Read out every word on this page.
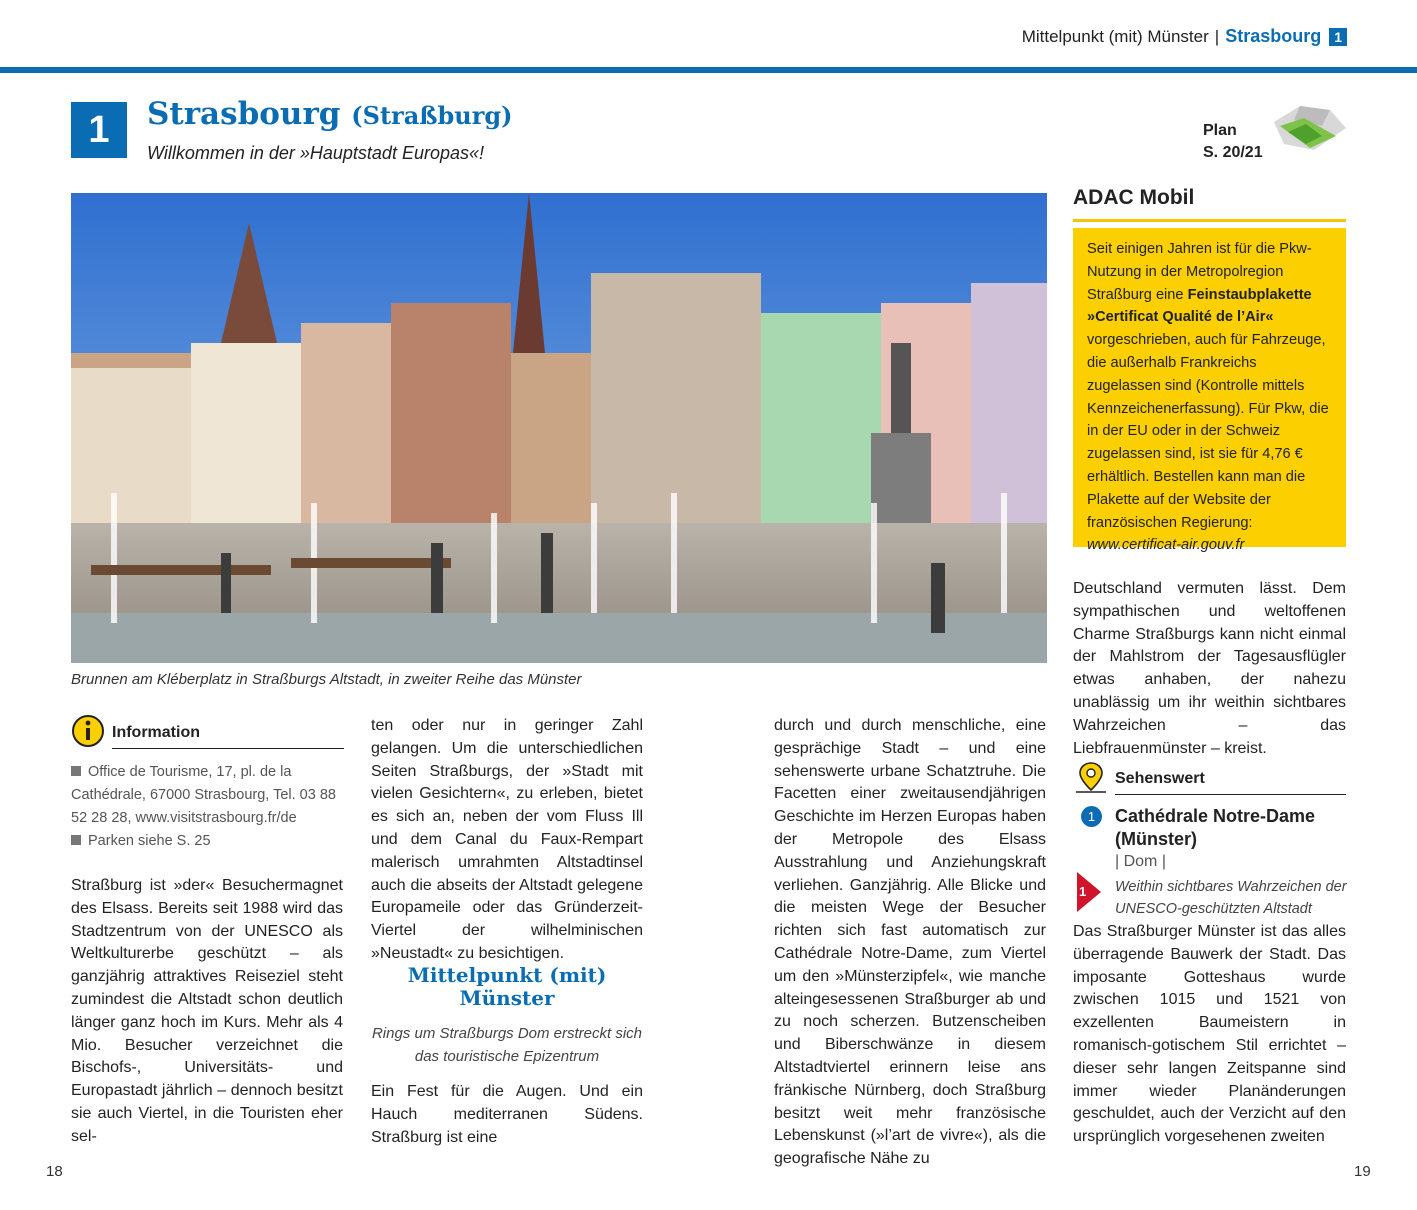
Mittelpunkt (mit) Münster | Strasbourg 1
1	Strasbourg (Straßburg)
Willkommen in der »Hauptstadt Europas«!
Plan
S. 20/21
Brunnen am Kléberplatz in Straßburgs Altstadt, in zweiter Reihe das Münster
Information
Office de Tourisme, 17, pl. de la Cathédrale, 67000 Strasbourg, Tel. 03 88 52 28 28, www.visitstrasbourg.fr/de
Parken siehe S. 25
Straßburg ist »der« Besuchermagnet des Elsass. Bereits seit 1988 wird das Stadtzentrum von der UNESCO als Weltkulturerbe geschützt – als ganzjährig attraktives Reiseziel steht zumindest die Altstadt schon deutlich länger ganz hoch im Kurs. Mehr als 4 Mio. Besucher verzeichnet die Bischofs-, Universitäts- und Europastadt jährlich – dennoch besitzt sie auch Viertel, in die Touristen eher sel-
ten oder nur in geringer Zahl gelangen. Um die unterschiedlichen Seiten Straßburgs, der »Stadt mit vielen Gesichtern«, zu erleben, bietet es sich an, neben der vom Fluss Ill und dem Canal du Faux-Rempart malerisch umrahmten Altstadtinsel auch die abseits der Altstadt gelegene Europameile oder das Gründerzeit-Viertel der wilhelminischen »Neustadt« zu besichtigen.
Mittelpunkt (mit) Münster
Rings um Straßburgs Dom erstreckt sich das touristische Epizentrum
Ein Fest für die Augen. Und ein Hauch mediterranen Südens. Straßburg ist eine
durch und durch menschliche, eine gesprächige Stadt – und eine sehenswerte urbane Schatztruhe. Die Facetten einer zweitausendjährigen Geschichte im Herzen Europas haben der Metropole des Elsass Ausstrahlung und Anziehungskraft verliehen. Ganzjährig. Alle Blicke und die meisten Wege der Besucher richten sich fast automatisch zur Cathédrale Notre-Dame, zum Viertel um den »Münsterzipfel«, wie manche alteingesessenen Straßburger ab und zu noch scherzen. Butzenscheiben und Biberschwänze in diesem Altstadtviertel erinnern leise ans fränkische Nürnberg, doch Straßburg besitzt weit mehr französische Lebenskunst (»l’art de vivre«), als die geografische Nähe zu
ADAC Mobil
Seit einigen Jahren ist für die Pkw-Nutzung in der Metropolregion Straßburg eine Feinstaubplakette »Certificat Qualité de l’Air« vorgeschrieben, auch für Fahrzeuge, die außerhalb Frankreichs zugelassen sind (Kontrolle mittels Kennzeichenerfassung). Für Pkw, die in der EU oder in der Schweiz zugelassen sind, ist sie für 4,76 € erhältlich. Bestellen kann man die Plakette auf der Website der französischen Regierung:
www.certificat-air.gouv.fr
Deutschland vermuten lässt. Dem sympathischen und weltoffenen Charme Straßburgs kann nicht einmal der Mahlstrom der Tagesausflügler etwas anhaben, der nahezu unablässig um ihr weithin sichtbares Wahrzeichen – das Liebfrauenmünster – kreist.
Sehenswert
1	Cathédrale Notre-Dame (Münster)
| Dom |
1 Weithin sichtbares Wahrzeichen der UNESCO-geschützten Altstadt
Das Straßburger Münster ist das alles überragende Bauwerk der Stadt. Das imposante Gotteshaus wurde zwischen 1015 und 1521 von exzellenten Baumeistern in romanisch-gotischem Stil errichtet – dieser sehr langen Zeitspanne sind immer wieder Planänderungen geschuldet, auch der Verzicht auf den ursprünglich vorgesehenen zweiten
18	19
